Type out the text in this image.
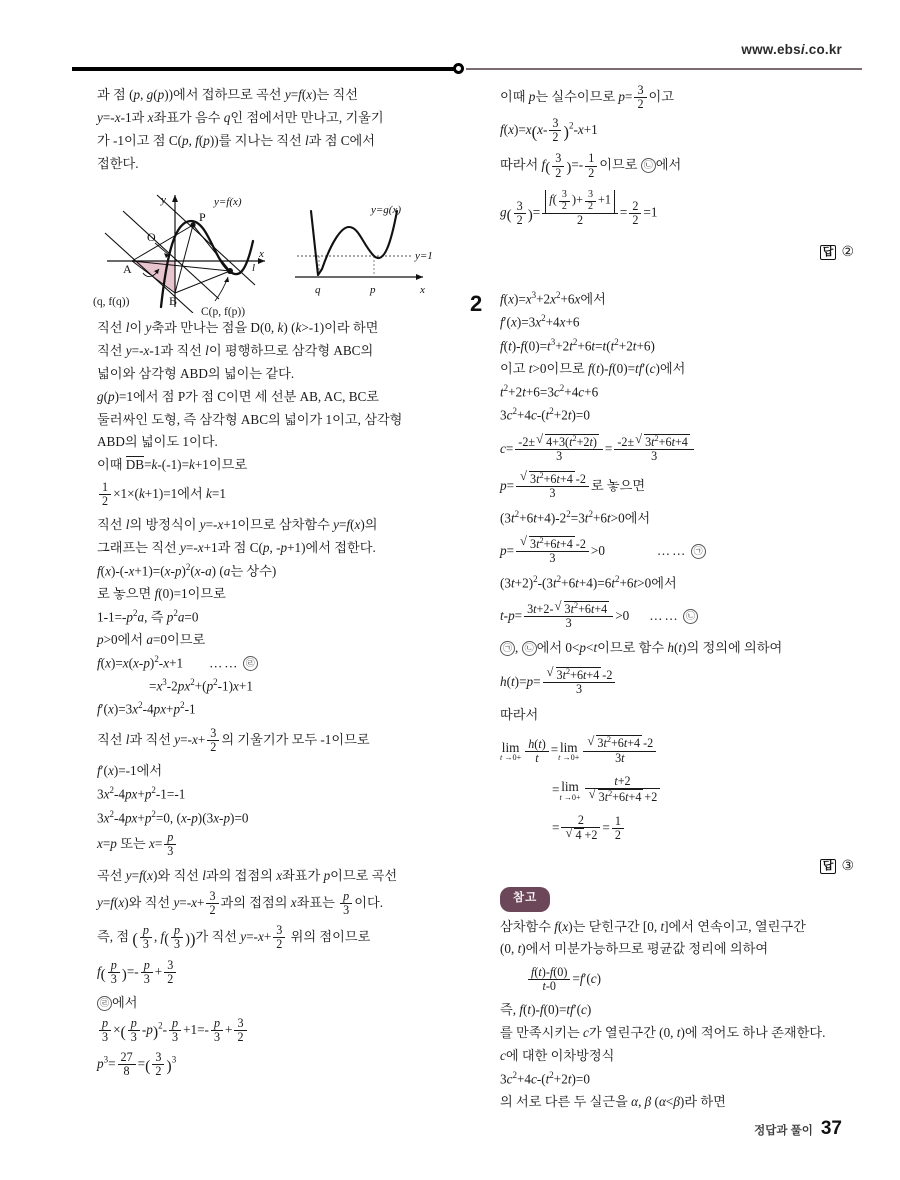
www.ebsi.co.kr
과 점 (p, g(p))에서 접하므로 곡선 y=f(x)는 직선
y=-x-1과 x좌표가 음수 q인 점에서만 만나고, 기울기
가 -1이고 점 C(p, f(p))를 지나는 직선 l과 점 C에서
접한다.
y=f(x)
P
O
A
B
l
x
y
(q, f(q))
C(p, f(p))
y=g(x)
y=1
q	p	x
직선 l이 y축과 만나는 점을 D(0, k) (k>-1)이라 하면
직선 y=-x-1과 직선 l이 평행하므로 삼각형 ABC의
넓이와 삼각형 ABD의 넓이는 같다.
g(p)=1에서 점 P가 점 C이면 세 선분 AB, AC, BC로
둘러싸인 도형, 즉 삼각형 ABC의 넓이가 1이고, 삼각형
ABD의 넓이도 1이다.
이때 DB=k-(-1)=k+1이므로
$\frac{1}{2} \times 1\times(k+1)=1$에서 k=1
직선 l의 방정식이 y=-x+1이므로 삼차함수 y=f(x)의
그래프는 직선 y=-x+1과 점 C(p, -p+1)에서 접한다.
$f(x)-(-x+1)=(x-p)^2(x-a)$ (a는 상수)
로 놓으면 f(0)=1이므로
$1-1=-p^2a$, 즉 $p^2a=0$
p>0에서 a=0이므로
$f(x)=x(x-p)^2-x+1$ …… ㉣
$=x^3-2px^2+(p^2-1)x+1$
$f'(x)=3x^2-4px+p^2-1$
직선 l과 직선 $y=-x+ \frac{3}{2}$ 의 기울기가 모두 -1이므로
f′(x)=-1에서
$3x^2-4px+p^2-1=-1$
$3x^2-4px+p^2=0$, (x-p)(3x-p)=0
x=p 또는 $x= \frac{p}{3}$
곡선 y=f(x)와 직선 l과의 접점의 x좌표가 p이므로 곡선
y=f(x)와 직선 $y=-x+ \frac{3}{2}$ 과의 접점의 x좌표는 $\frac{p}{3}$ 이다.
즉, 점 ( $\frac{p}{3}$ , $f( \frac{p}{3}$ ))가 직선 $y=-x+ \frac{3}{2}$ 위의 점이므로
$f( \frac{p}{3}$ )=- $\frac{p}{3} + \frac{3}{2}$
㉣ 에서
$\frac{p}{3}$ ×( $\frac{p}{3} -p)^2- \frac{p}{3} +1=- \frac{p}{3} + \frac{3}{2}$
$p^3= \frac{27}{8}$ =( $\frac{3}{2} )^3$
이때 p는 실수이므로 $p= \frac{3}{2}$ 이고
$f(x)=x(x- \frac{3}{2} )^2-x+1$
따라서 $f( \frac{3}{2}$ )=- $\frac{1}{2}$ 이므로 ㉡ 에서
$g( \frac{3}{2}$ )= $\frac{f( \frac{3}{2} )+ \frac{3}{2} +1}{2} = \frac{2}{2} =1$
답 ②
2 $f(x)=x^3+2x^2+6x$에서
$f'(x)=3x^2+4x+6$
$f(t)-f(0)=t^3+2t^2+6t=t(t^2+2t+6)$
이고 t>0이므로 f(t)-f(0)=tf′(c)에서
$t^2+2t+6=3c^2+4c+6$
$3c^2+4c-(t^2+2t)=0$
$c= \frac{-2\pm √ 4+3(t^2+2t)}{3} = \frac{-2\pm √ 3t^2+6t+4}{3}$
p= √ $\frac{3t^2+6t+4 -2}{3}$ 로 놓으면
$(3t^2+6t+4)-2^2=3t^2+6t>0$에서
p= √ $\frac{3t^2+6t+4 -2}{3} >0$	…… ㉠
$(3t+2)^2-(3t^2+6t+4)=6t^2+6t>0$에서
$t-p= \frac{3t+2- √ 3t^2+6t+4}{3} >0$ …… ㉡
㉠ , ㉡ 에서 0<p<t이므로 함수 h(t)의 정의에 의하여
h(t)=p= √ $\frac{3t^2+6t+4 -2}{3}$
따라서
lim
$t \to 0+ \frac{h(t)}{t} = \lim$
t →0+ √ $\frac{3t^2+6t+4 -2}{3t}$
= lim
t →0+ t+2
√ $3t^2+6t+4 +2$
= 2
√ $4 +2 = \frac{1}{2}$
답 ③
참고
삼차함수 f(x)는 닫힌구간 [0, t]에서 연속이고, 열린구간
(0, t)에서 미분가능하므로 평균값 정리에 의하여
$\frac{f(t)-f(0)}{t-0} =f'(c)$
즉, f(t)-f(0)=tf′(c)
를 만족시키는 c가 열린구간 (0, t)에 적어도 하나 존재한다.
c에 대한 이차방정식
$3c^2+4c-(t^2+2t)=0$
의 서로 다른 두 실근을 α, β (α<β)라 하면
정답과 풀이 37
